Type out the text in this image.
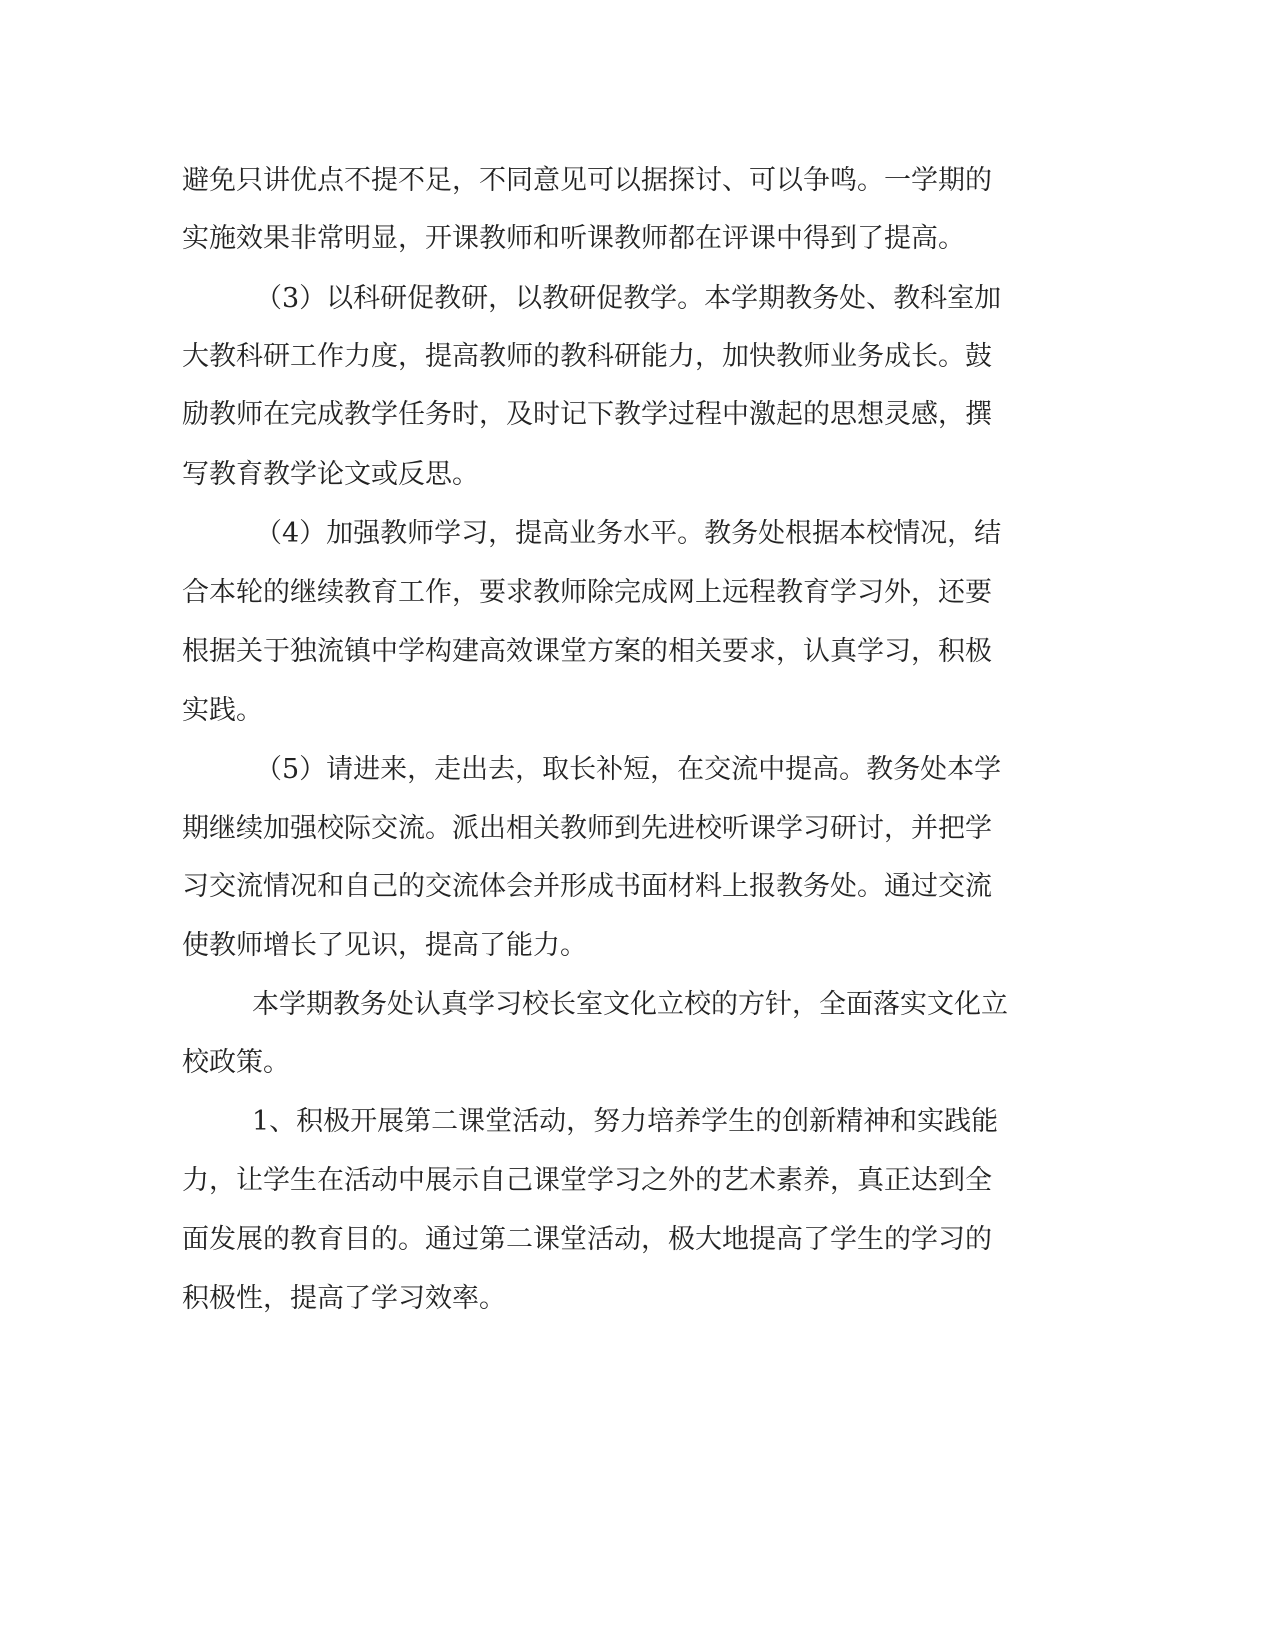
避免只讲优点不提不足，不同意见可以据探讨、可以争鸣。一学期的

实施效果非常明显，开课教师和听课教师都在评课中得到了提高。

（3）以科研促教研，以教研促教学。本学期教务处、教科室加

大教科研工作力度，提高教师的教科研能力，加快教师业务成长。鼓

励教师在完成教学任务时，及时记下教学过程中激起的思想灵感，撰

写教育教学论文或反思。

（4）加强教师学习，提高业务水平。教务处根据本校情况，结

合本轮的继续教育工作，要求教师除完成网上远程教育学习外，还要

根据关于独流镇中学构建高效课堂方案的相关要求，认真学习，积极

实践。

（5）请进来，走出去，取长补短，在交流中提高。教务处本学

期继续加强校际交流。派出相关教师到先进校听课学习研讨，并把学

习交流情况和自己的交流体会并形成书面材料上报教务处。通过交流

使教师增长了见识，提高了能力。

本学期教务处认真学习校长室文化立校的方针，全面落实文化立

校政策。

1、积极开展第二课堂活动，努力培养学生的创新精神和实践能

力，让学生在活动中展示自己课堂学习之外的艺术素养，真正达到全

面发展的教育目的。通过第二课堂活动，极大地提高了学生的学习的

积极性，提高了学习效率。
